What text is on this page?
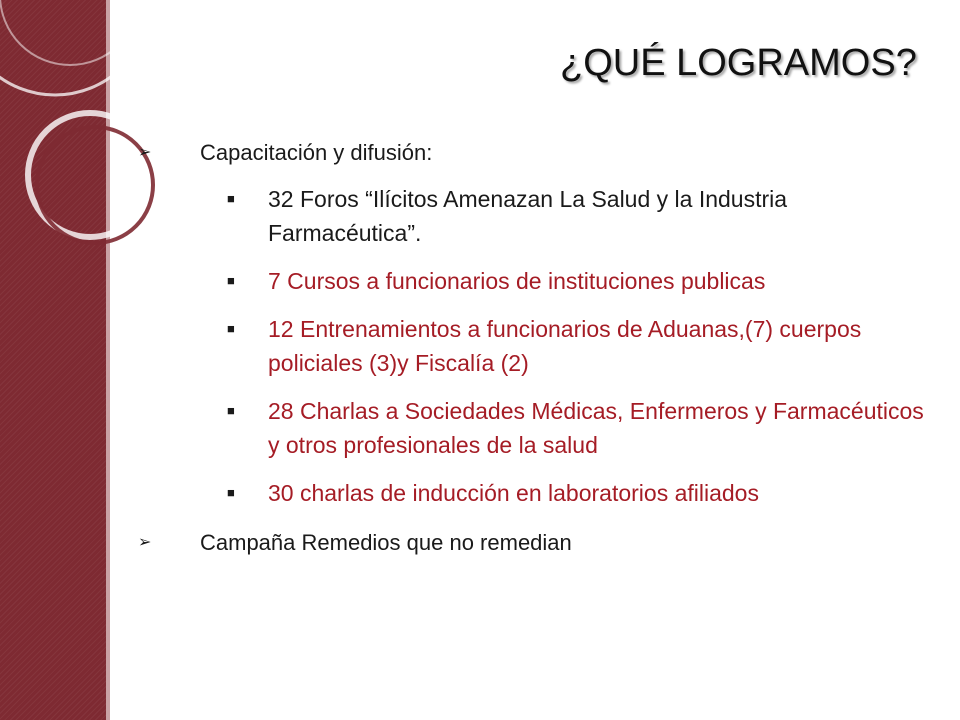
¿QUÉ LOGRAMOS?
➢ Capacitación y difusión:
■ 32 Foros “Ilícitos Amenazan La Salud y la Industria Farmacéutica”.
■ 7 Cursos a funcionarios de instituciones publicas
■ 12 Entrenamientos a funcionarios de Aduanas,(7) cuerpos policiales (3)y Fiscalía (2)
■ 28 Charlas a Sociedades Médicas, Enfermeros y Farmacéuticos y otros profesionales de la salud
■ 30 charlas de inducción en laboratorios afiliados
➢ Campaña Remedios que no remedian
